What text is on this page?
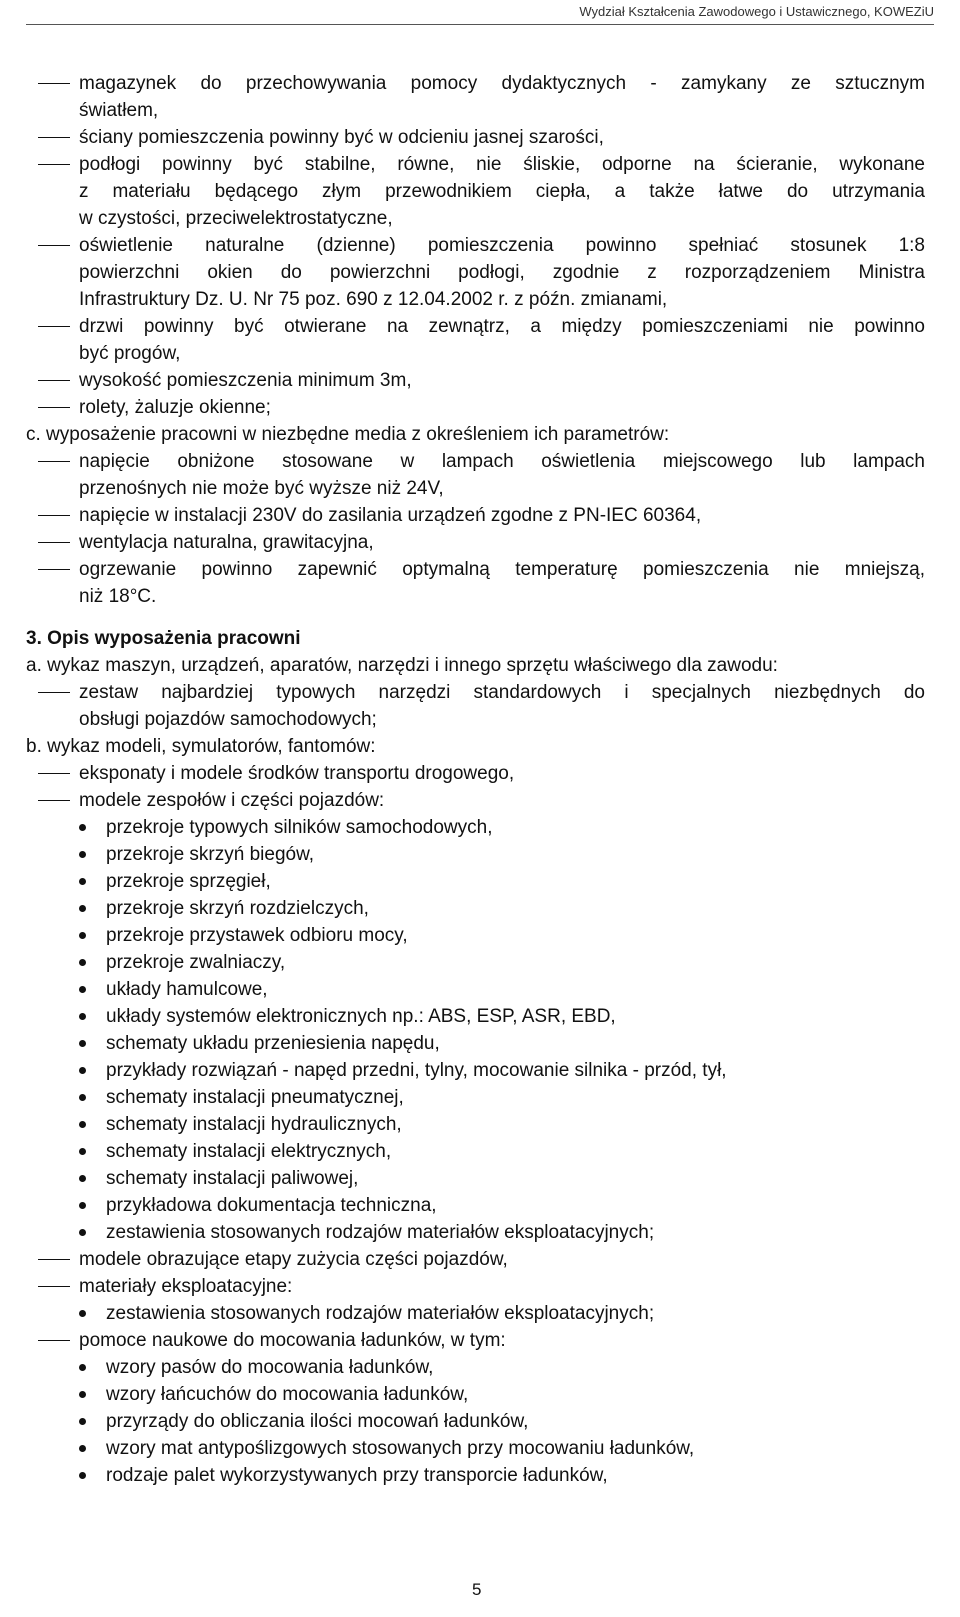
Wydział Kształcenia Zawodowego i Ustawicznego, KOWEZiU
magazynek do przechowywania pomocy dydaktycznych - zamykany ze sztucznym
światłem,
ściany pomieszczenia powinny być w odcieniu jasnej szarości,
podłogi powinny być stabilne, równe, nie śliskie, odporne na ścieranie, wykonane
z materiału będącego złym przewodnikiem ciepła, a także łatwe do utrzymania
w czystości, przeciwelektrostatyczne,
oświetlenie naturalne (dzienne) pomieszczenia powinno spełniać stosunek 1:8
powierzchni okien do powierzchni podłogi, zgodnie z rozporządzeniem Ministra
Infrastruktury Dz. U. Nr 75 poz. 690 z 12.04.2002 r. z późn. zmianami,
drzwi powinny być otwierane na zewnątrz, a między pomieszczeniami nie powinno
być progów,
wysokość pomieszczenia minimum 3m,
rolety, żaluzje okienne;
c. wyposażenie pracowni w niezbędne media z określeniem ich parametrów:
napięcie obniżone stosowane w lampach oświetlenia miejscowego lub lampach
przenośnych nie może być wyższe niż 24V,
napięcie w instalacji 230V do zasilania urządzeń zgodne z PN-IEC 60364,
wentylacja naturalna, grawitacyjna,
ogrzewanie powinno zapewnić optymalną temperaturę pomieszczenia nie mniejszą,
niż 18°C.
3. Opis wyposażenia pracowni
a. wykaz maszyn, urządzeń, aparatów, narzędzi i innego sprzętu właściwego dla zawodu:
zestaw najbardziej typowych narzędzi standardowych i specjalnych niezbędnych do
obsługi pojazdów samochodowych;
b. wykaz modeli, symulatorów, fantomów:
eksponaty i modele środków transportu drogowego,
modele zespołów i części pojazdów:
przekroje typowych silników samochodowych,
przekroje skrzyń biegów,
przekroje sprzęgieł,
przekroje skrzyń rozdzielczych,
przekroje przystawek odbioru mocy,
przekroje zwalniaczy,
układy hamulcowe,
układy systemów elektronicznych np.: ABS, ESP, ASR, EBD,
schematy układu przeniesienia napędu,
przykłady rozwiązań - napęd przedni, tylny, mocowanie silnika - przód, tył,
schematy instalacji pneumatycznej,
schematy instalacji hydraulicznych,
schematy instalacji elektrycznych,
schematy instalacji paliwowej,
przykładowa dokumentacja techniczna,
zestawienia stosowanych rodzajów materiałów eksploatacyjnych;
modele obrazujące etapy zużycia części pojazdów,
materiały eksploatacyjne:
zestawienia stosowanych rodzajów materiałów eksploatacyjnych;
pomoce naukowe do mocowania ładunków, w tym:
wzory pasów do mocowania ładunków,
wzory łańcuchów do mocowania ładunków,
przyrządy do obliczania ilości mocowań ładunków,
wzory mat antypoślizgowych stosowanych przy mocowaniu ładunków,
rodzaje palet wykorzystywanych przy transporcie ładunków,
5
